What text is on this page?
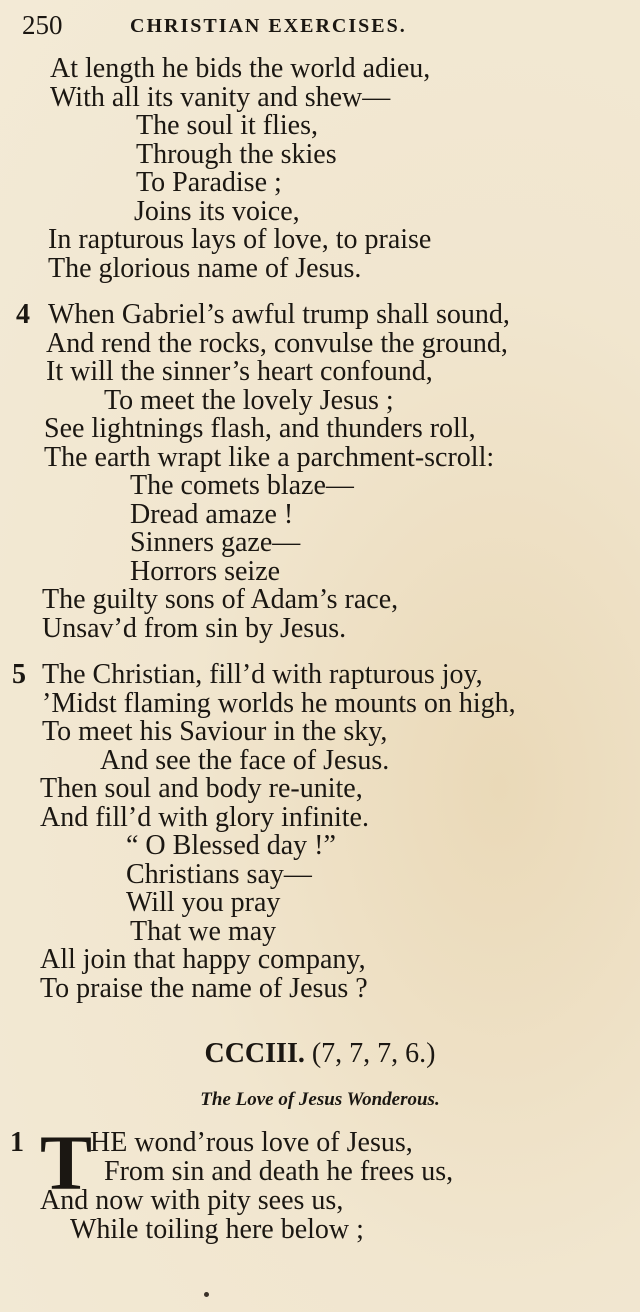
250	CHRISTIAN EXERCISES.
At length he bids the world adieu,
With all its vanity and shew—
The soul it flies,
Through the skies
To Paradise ;
Joins its voice,
In rapturous lays of love, to praise
The glorious name of Jesus.
4 When Gabriel’s awful trump shall sound,
And rend the rocks, convulse the ground,
It will the sinner’s heart confound,
To meet the lovely Jesus ;
See lightnings flash, and thunders roll,
The earth wrapt like a parchment-scroll:
The comets blaze—
Dread amaze !
Sinners gaze—
Horrors seize
The guilty sons of Adam’s race,
Unsav’d from sin by Jesus.
5 The Christian, fill’d with rapturous joy,
’Midst flaming worlds he mounts on high,
To meet his Saviour in the sky,
And see the face of Jesus.
Then soul and body re-unite,
And fill’d with glory infinite.
“ O Blessed day !”
Christians say—
Will you pray
That we may
All join that happy company,
To praise the name of Jesus ?
CCCIII. (7, 7, 7, 6.)
The Love of Jesus Wonderous.
1 T
HE wond’rous love of Jesus,
From sin and death he frees us,
And now with pity sees us,
While toiling here below ;
